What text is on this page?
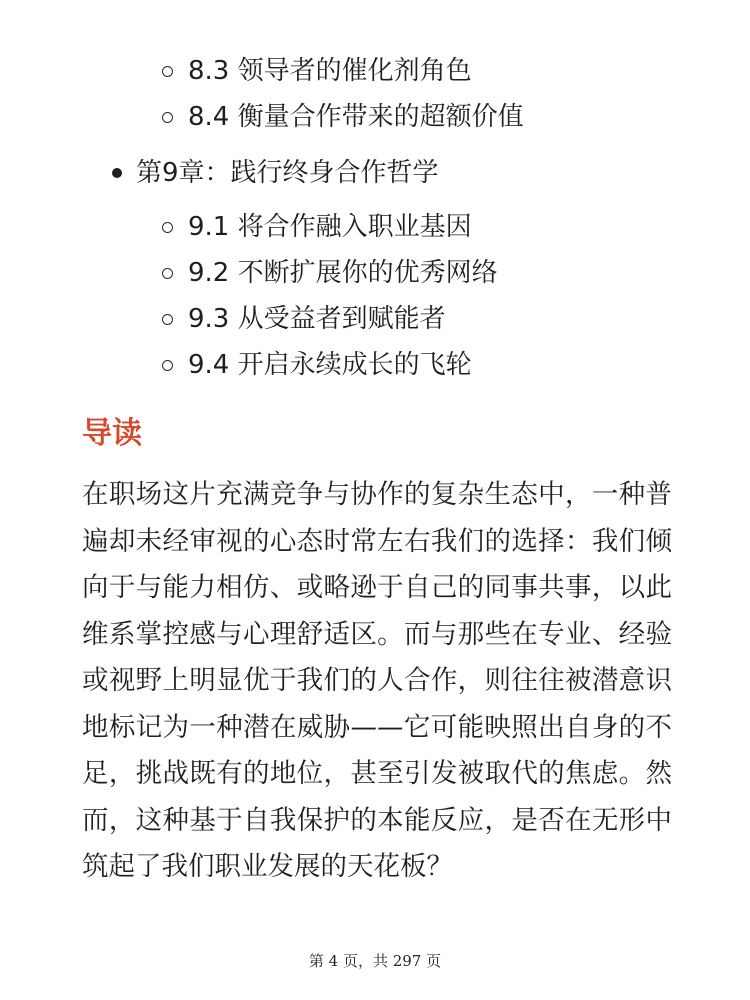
8.3 领导者的催化剂角色
8.4 衡量合作带来的超额价值
第9章：践行终身合作哲学
9.1 将合作融入职业基因
9.2 不断扩展你的优秀网络
9.3 从受益者到赋能者
9.4 开启永续成长的飞轮
导读

在职场这片充满竞争与协作的复杂生态中，一种普遍却未经审视的心态时常左右我们的选择：我们倾向于与能力相仿、或略逊于自己的同事共事，以此维系掌控感与心理舒适区。而与那些在专业、经验或视野上明显优于我们的人合作，则往往被潜意识地标记为一种潜在威胁——它可能映照出自身的不足，挑战既有的地位，甚至引发被取代的焦虑。然而，这种基于自我保护的本能反应，是否在无形中筑起了我们职业发展的天花板？

第 4 页，共 297 页
